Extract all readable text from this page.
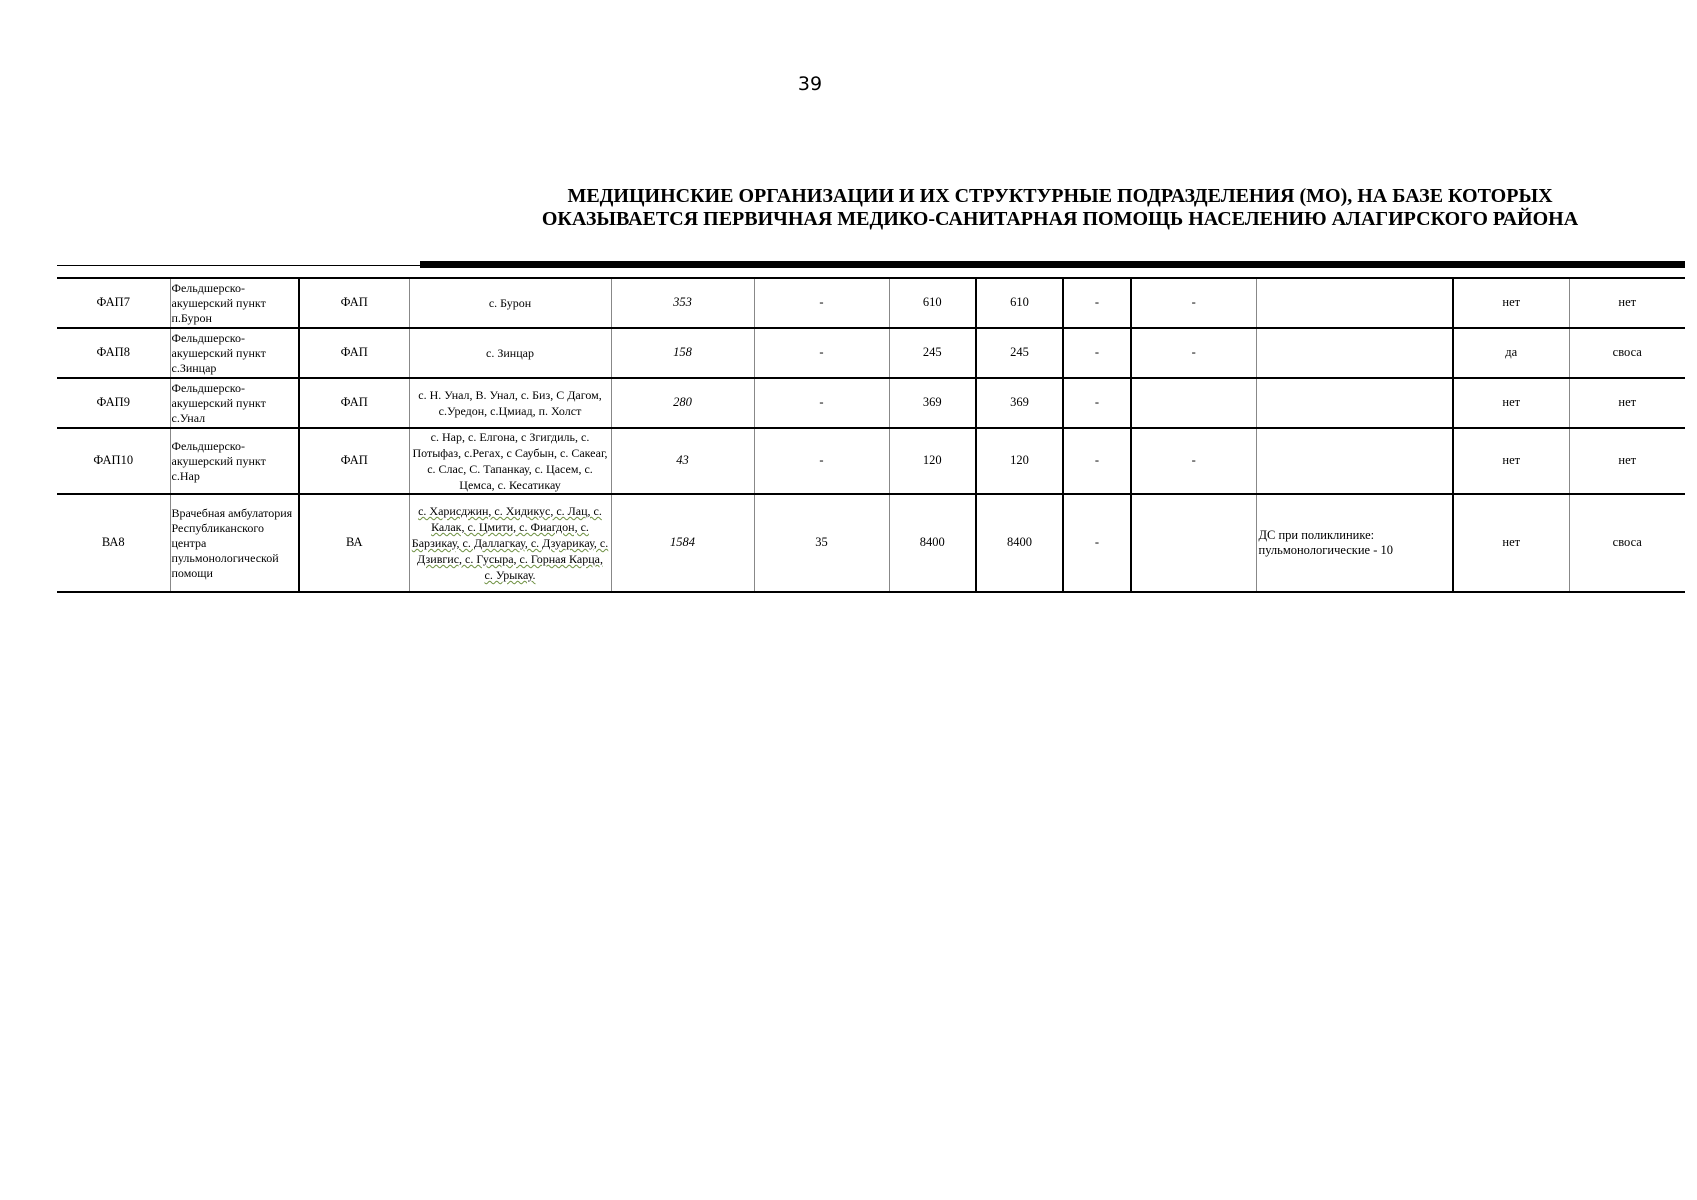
39
МЕДИЦИНСКИЕ ОРГАНИЗАЦИИ И ИХ СТРУКТУРНЫЕ ПОДРАЗДЕЛЕНИЯ (МО), НА БАЗЕ КОТОРЫХ
ОКАЗЫВАЕТСЯ ПЕРВИЧНАЯ МЕДИКО-САНИТАРНАЯ ПОМОЩЬ НАСЕЛЕНИЮ АЛАГИРСКОГО РАЙОНА
ФАП7	Фельдшерско-акушерский пункт п.Бурон	ФАП	с. Бурон	353	-	610	610	-	-		нет	нет
ФАП8	Фельдшерско-акушерский пункт с.Зинцар	ФАП	с. Зинцар	158	-	245	245	-	-		да	своса
ФАП9	Фельдшерско-акушерский пункт с.Унал	ФАП	с. Н. Унал, В. Унал, с. Биз, С Дагом, с.Уредон, с.Цмиад, п. Холст	280	-	369	369	-			нет	нет
ФАП10	Фельдшерско-акушерский пункт с.Нар	ФАП	с. Нар, с. Елгона, с Згигдиль, с. Потыфаз, с.Регах, с Саубын, с. Сакеаг, с. Слас, С. Тапанкау, с. Цасем, с. Цемса, с. Кесатикау	43	-	120	120	-	-		нет	нет
ВА8	Врачебная амбулатория Республиканского центра пульмонологической помощи	ВА	с. Харисджин, с. Хидикус, с. Лац, с. Калак, с. Цмити, с. Фиагдон, с. Барзикау, с. Даллагкау, с. Дзуарикау, с. Дзивгис, с. Гусыра, с. Горная Карца, с. Урыкау.	1584	35	8400	8400	-		ДС при поликлинике: пульмонологические - 10	нет	своса
